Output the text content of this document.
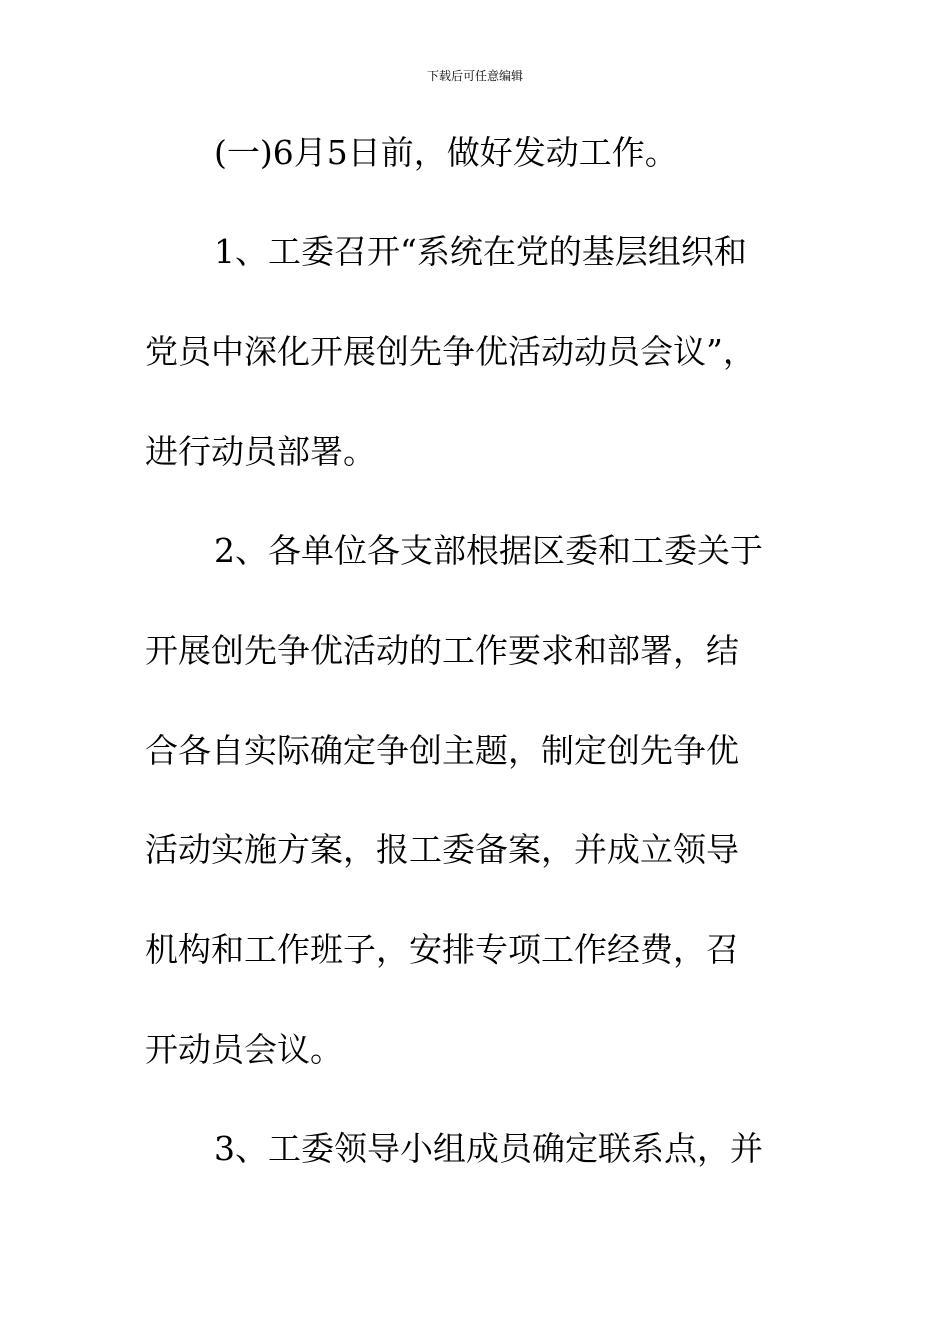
下载后可任意编辑
(一)6月5日前，做好发动工作。
1、工委召开“系统在党的基层组织和
党员中深化开展创先争优活动动员会议”，
进行动员部署。
2、各单位各支部根据区委和工委关于
开展创先争优活动的工作要求和部署，结
合各自实际确定争创主题，制定创先争优
活动实施方案，报工委备案，并成立领导
机构和工作班子，安排专项工作经费，召
开动员会议。
3、工委领导小组成员确定联系点，并
